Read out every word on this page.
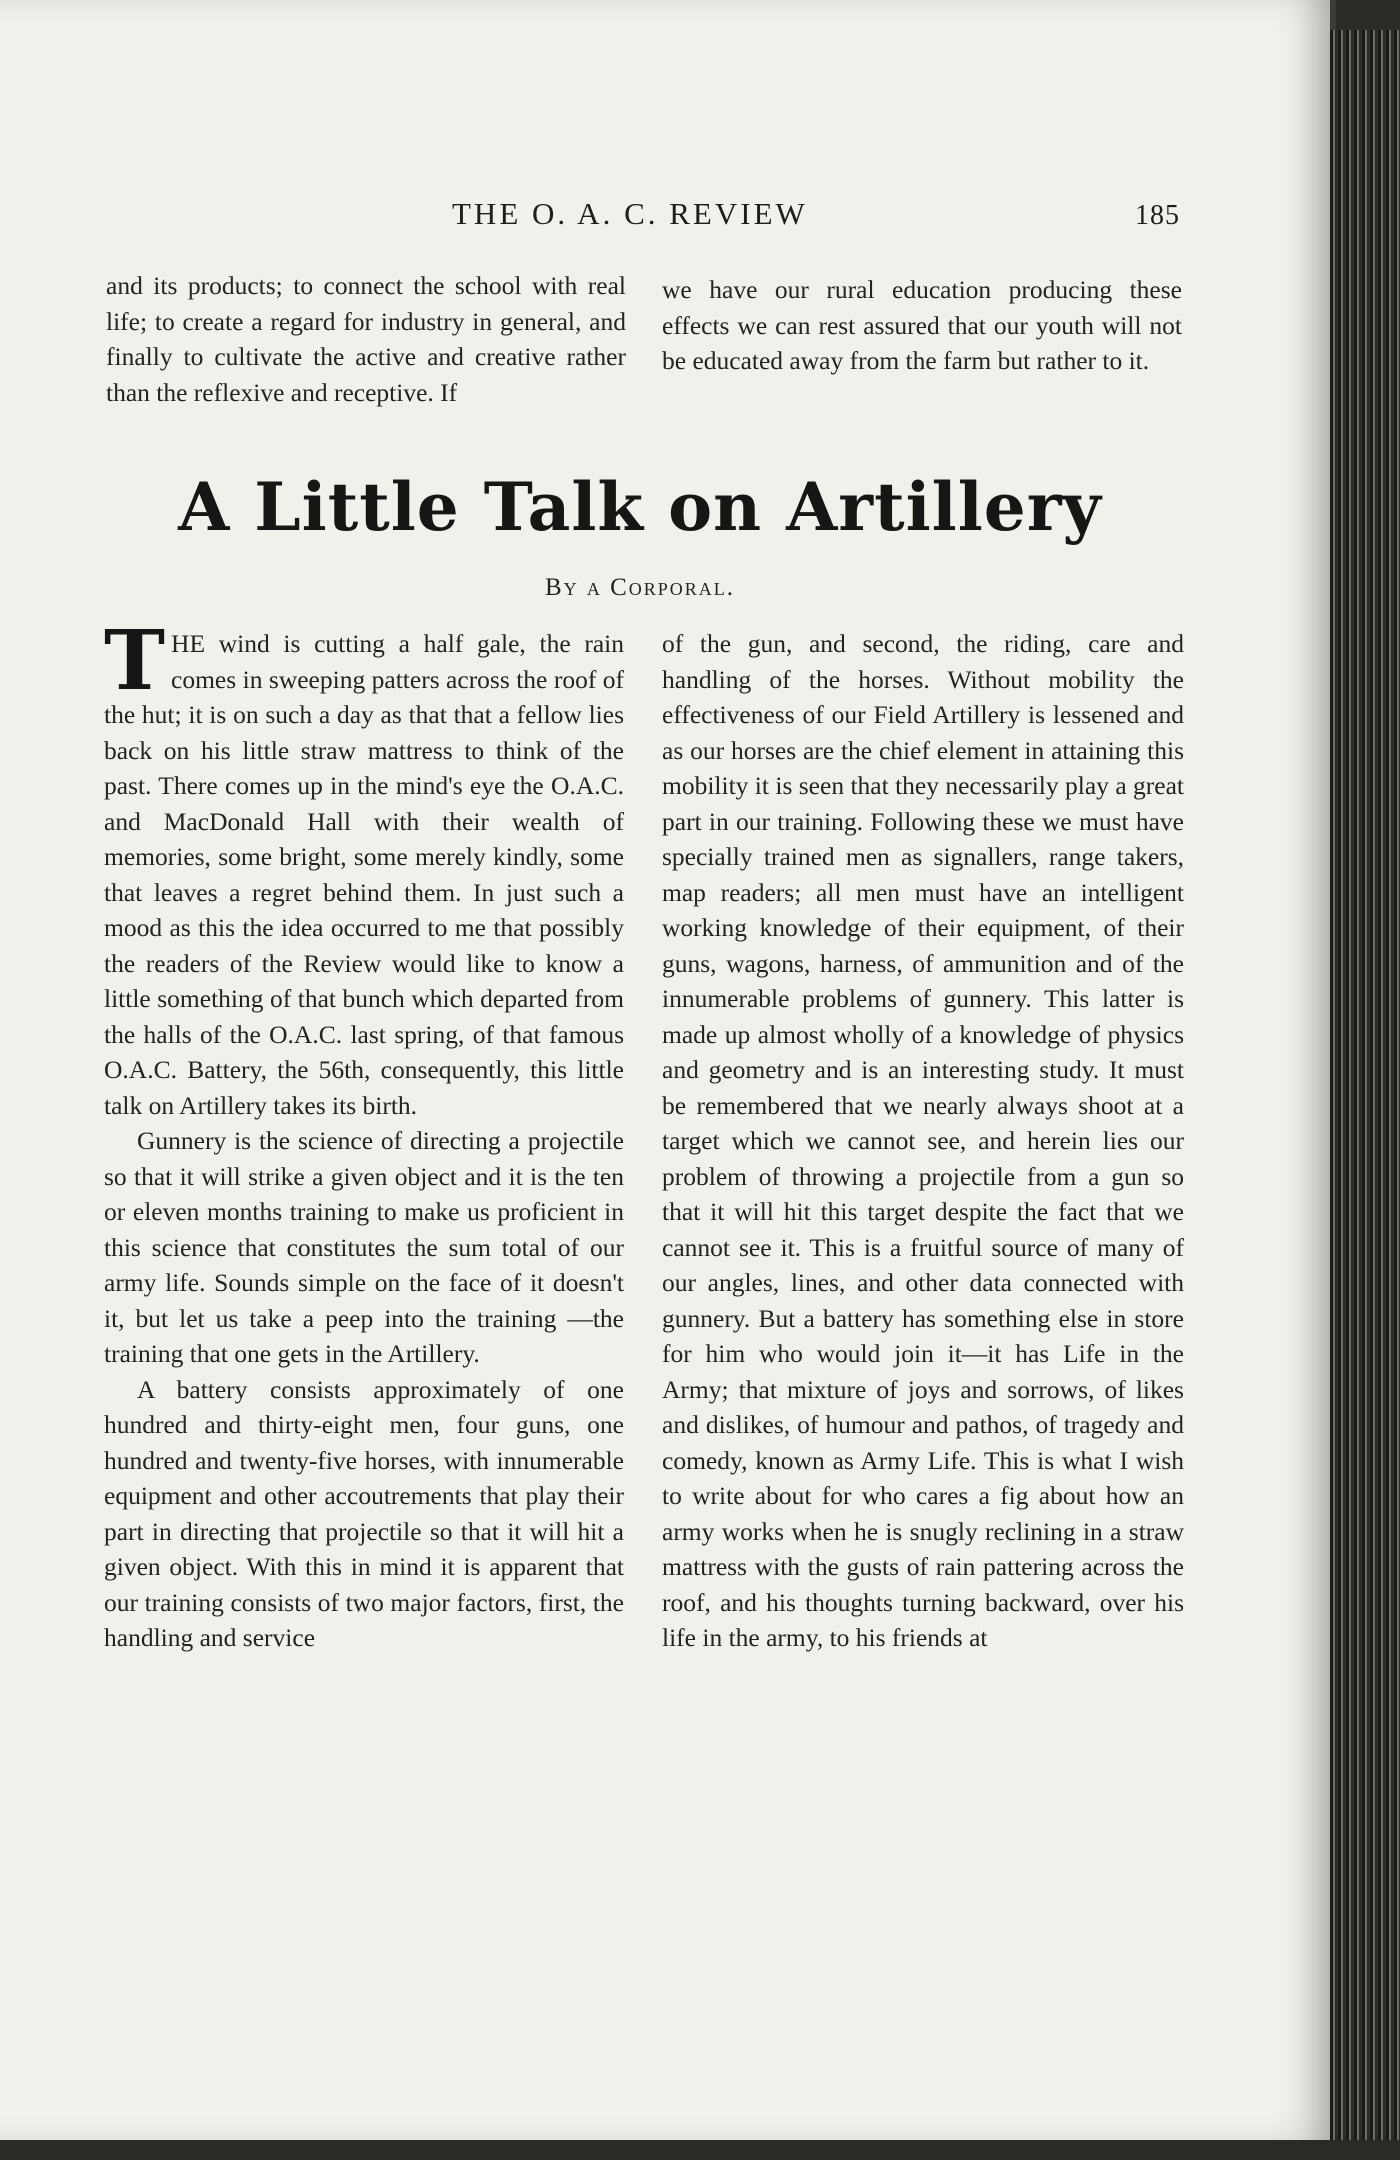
THE O. A. C. REVIEW	185

and its products; to connect the school with real life; to create a regard for industry in general, and finally to cultivate the active and creative rather than the reflexive and receptive. If

we have our rural education producing these effects we can rest assured that our youth will not be educated away from the farm but rather to it.

A Little Talk on Artillery
By a Corporal.

THE wind is cutting a half gale, the rain comes in sweeping patters across the roof of the hut; it is on such a day as that that a fellow lies back on his little straw mattress to think of the past. There comes up in the mind's eye the O.A.C. and MacDonald Hall with their wealth of memories, some bright, some merely kindly, some that leaves a regret behind them. In just such a mood as this the idea occurred to me that possibly the readers of the Review would like to know a little something of that bunch which departed from the halls of the O.A.C. last spring, of that famous O.A.C. Battery, the 56th, consequently, this little talk on Artillery takes its birth.

Gunnery is the science of directing a projectile so that it will strike a given object and it is the ten or eleven months training to make us proficient in this science that constitutes the sum total of our army life. Sounds simple on the face of it doesn't it, but let us take a peep into the training —the training that one gets in the Artillery.

A battery consists approximately of one hundred and thirty-eight men, four guns, one hundred and twenty-five horses, with innumerable equipment and other accoutrements that play their part in directing that projectile so that it will hit a given object. With this in mind it is apparent that our training consists of two major factors, first, the handling and service

of the gun, and second, the riding, care and handling of the horses. Without mobility the effectiveness of our Field Artillery is lessened and as our horses are the chief element in attaining this mobility it is seen that they necessarily play a great part in our training. Following these we must have specially trained men as signallers, range takers, map readers; all men must have an intelligent working knowledge of their equipment, of their guns, wagons, harness, of ammunition and of the innumerable problems of gunnery. This latter is made up almost wholly of a knowledge of physics and geometry and is an interesting study. It must be remembered that we nearly always shoot at a target which we cannot see, and herein lies our problem of throwing a projectile from a gun so that it will hit this target despite the fact that we cannot see it. This is a fruitful source of many of our angles, lines, and other data connected with gunnery. But a battery has something else in store for him who would join it—it has Life in the Army; that mixture of joys and sorrows, of likes and dislikes, of humour and pathos, of tragedy and comedy, known as Army Life. This is what I wish to write about for who cares a fig about how an army works when he is snugly reclining in a straw mattress with the gusts of rain pattering across the roof, and his thoughts turning backward, over his life in the army, to his friends at
